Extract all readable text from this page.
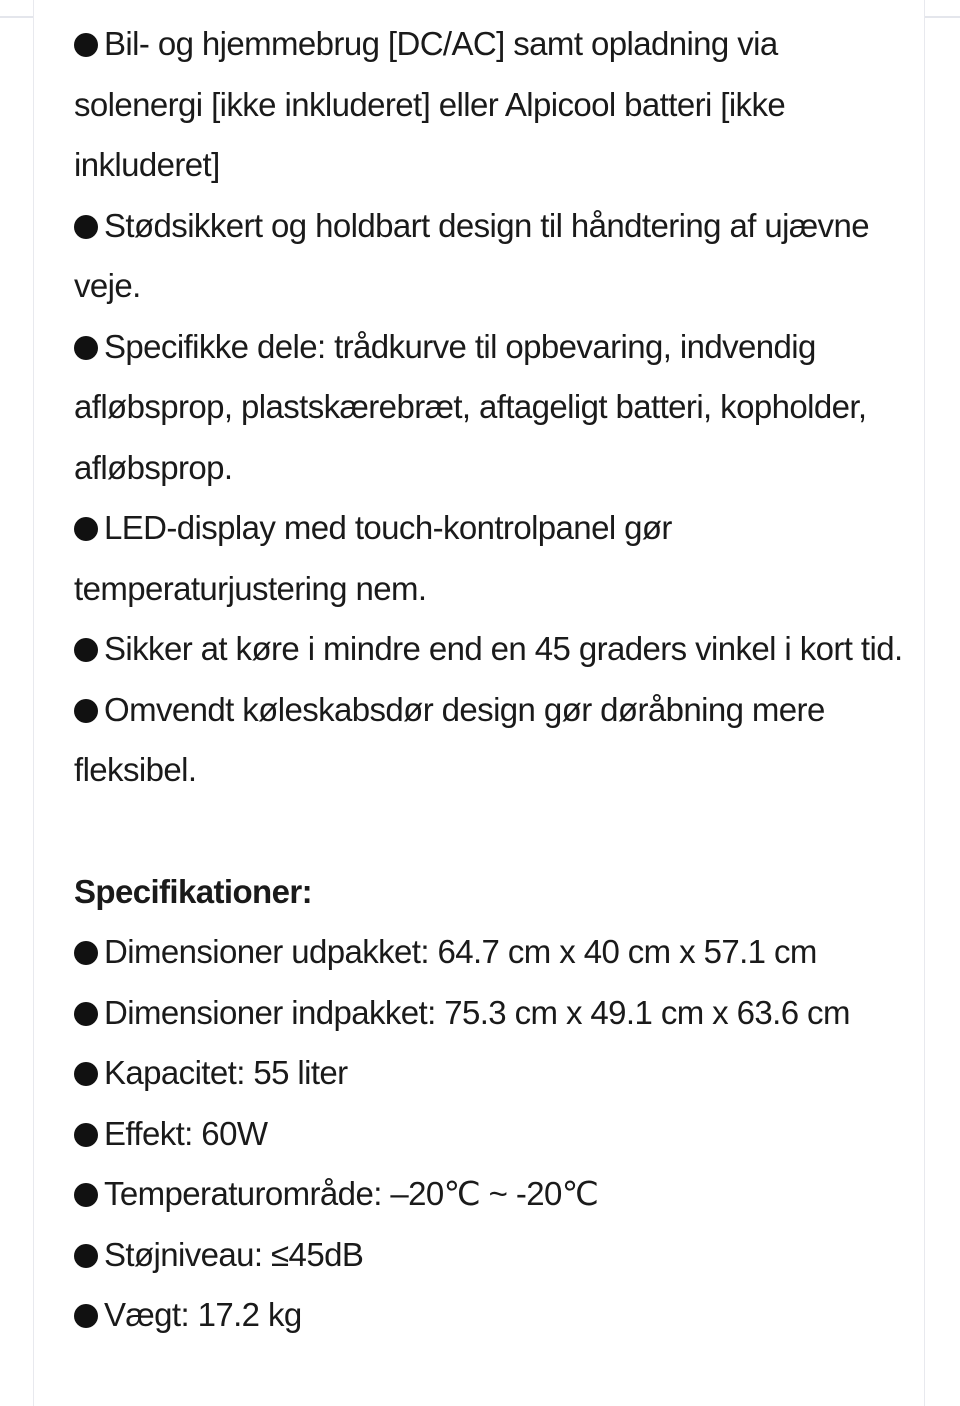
Bil- og hjemmebrug [DC/AC] samt opladning via solenergi [ikke inkluderet] eller Alpicool batteri [ikke inkluderet]

Stødsikkert og holdbart design til håndtering af ujævne veje.

Specifikke dele: trådkurve til opbevaring, indvendig afløbsprop, plastskærebræt, aftageligt batteri, kopholder, afløbsprop.

LED-display med touch-kontrolpanel gør temperaturjustering nem.

Sikker at køre i mindre end en 45 graders vinkel i kort tid.

Omvendt køleskabsdør design gør døråbning mere fleksibel.

Specifikationer:

Dimensioner udpakket: 64.7 cm x 40 cm x 57.1 cm

Dimensioner indpakket: 75.3 cm x 49.1 cm x 63.6 cm

Kapacitet: 55 liter

Effekt: 60W

Temperaturområde: –20℃ ~ -20℃

Støjniveau: ≤45dB

Vægt: 17.2 kg
